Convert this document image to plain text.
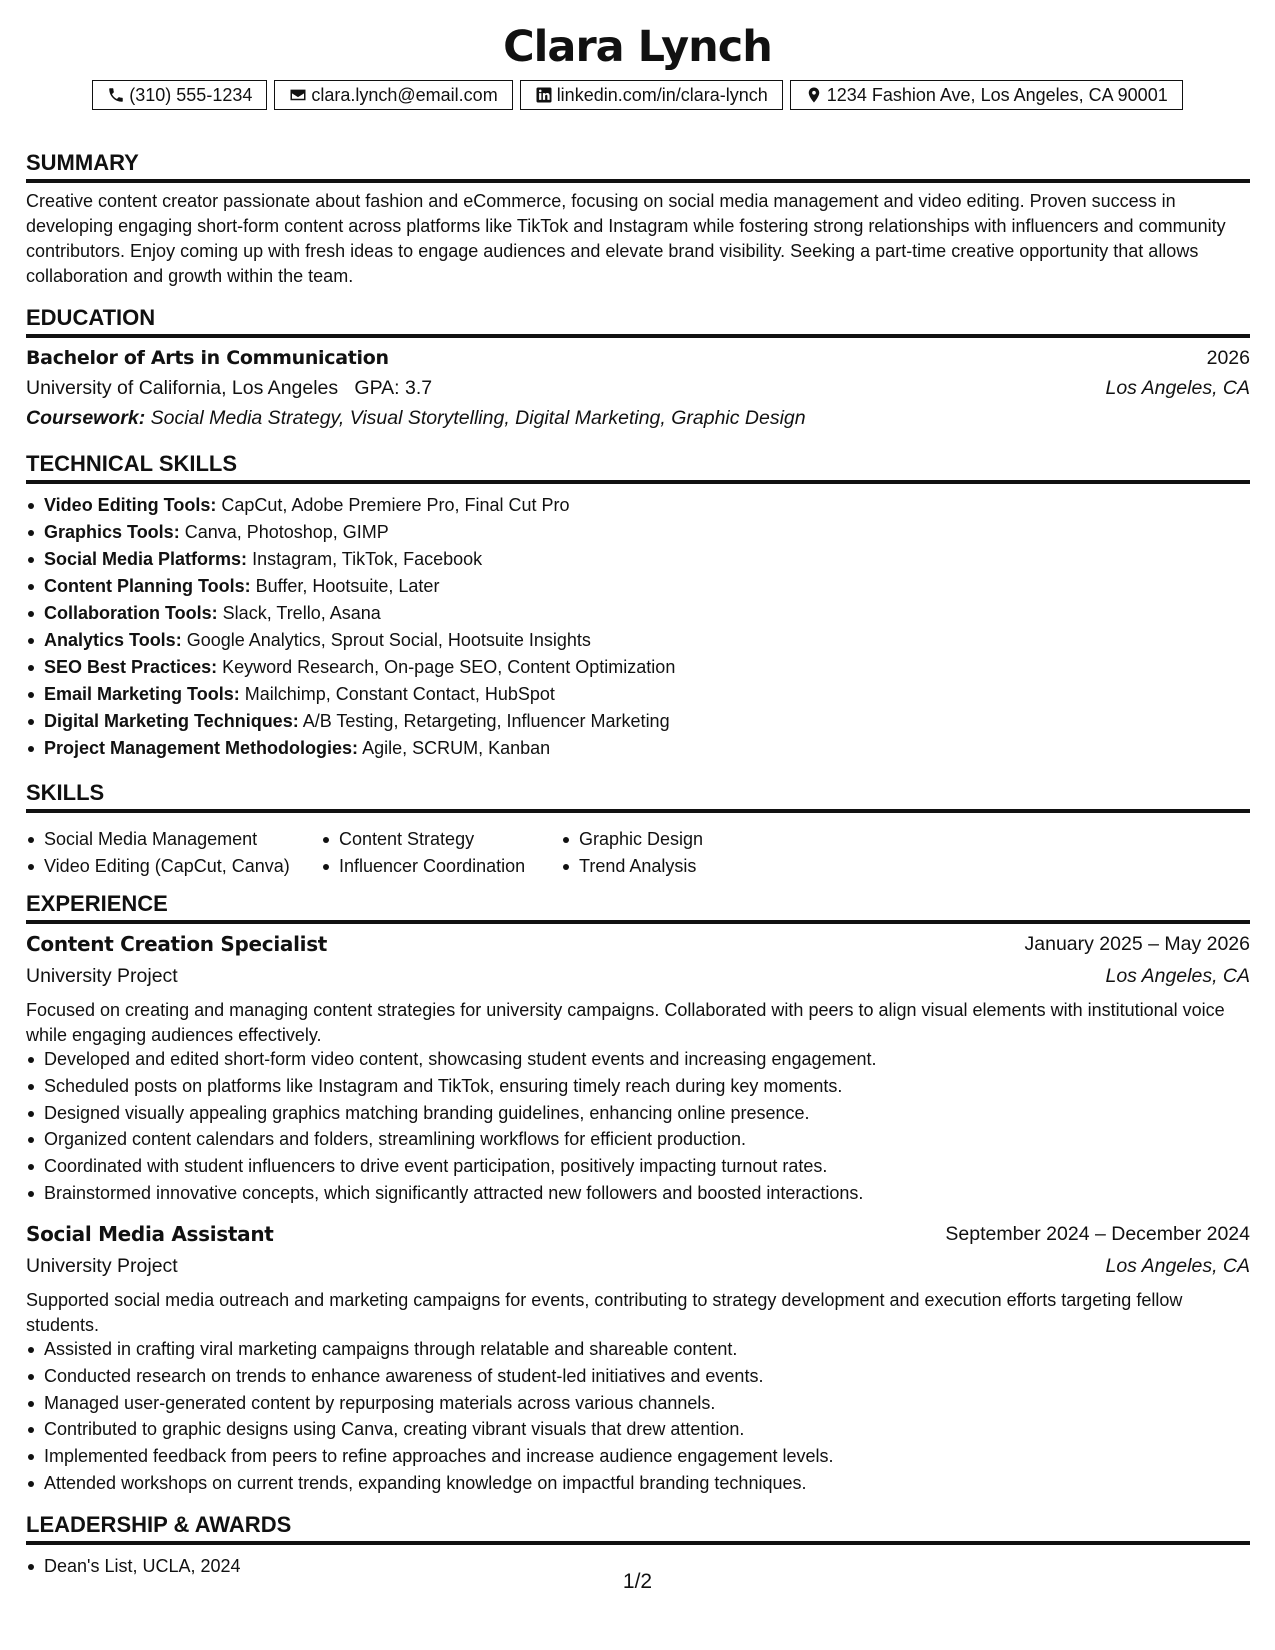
Clara Lynch
(310) 555-1234	clara.lynch@email.com	linkedin.com/in/clara-lynch	1234 Fashion Ave, Los Angeles, CA 90001
SUMMARY
Creative content creator passionate about fashion and eCommerce, focusing on social media management and video editing. Proven success in developing engaging short-form content across platforms like TikTok and Instagram while fostering strong relationships with influencers and community contributors. Enjoy coming up with fresh ideas to engage audiences and elevate brand visibility. Seeking a part-time creative opportunity that allows collaboration and growth within the team.
EDUCATION
Bachelor of Arts in Communication	2026
University of California, Los Angeles GPA: 3.7	Los Angeles, CA
Coursework:
Social Media Strategy, Visual Storytelling, Digital Marketing, Graphic Design
TECHNICAL SKILLS
Video Editing Tools: CapCut, Adobe Premiere Pro, Final Cut Pro
Graphics Tools: Canva, Photoshop, GIMP
Social Media Platforms: Instagram, TikTok, Facebook
Content Planning Tools: Buffer, Hootsuite, Later
Collaboration Tools: Slack, Trello, Asana
Analytics Tools: Google Analytics, Sprout Social, Hootsuite Insights
SEO Best Practices: Keyword Research, On-page SEO, Content Optimization
Email Marketing Tools: Mailchimp, Constant Contact, HubSpot
Digital Marketing Techniques: A/B Testing, Retargeting, Influencer Marketing
Project Management Methodologies: Agile, SCRUM, Kanban
SKILLS
Social Media Management
Video Editing (CapCut, Canva)
Content Strategy
Influencer Coordination
Graphic Design
Trend Analysis
EXPERIENCE
Content Creation Specialist	January 2025 – May 2026
University Project	Los Angeles, CA
Focused on creating and managing content strategies for university campaigns. Collaborated with peers to align visual elements with institutional voice while engaging audiences effectively.
Developed and edited short-form video content, showcasing student events and increasing engagement.
Scheduled posts on platforms like Instagram and TikTok, ensuring timely reach during key moments.
Designed visually appealing graphics matching branding guidelines, enhancing online presence.
Organized content calendars and folders, streamlining workflows for efficient production.
Coordinated with student influencers to drive event participation, positively impacting turnout rates.
Brainstormed innovative concepts, which significantly attracted new followers and boosted interactions.
Social Media Assistant	September 2024 – December 2024
University Project	Los Angeles, CA
Supported social media outreach and marketing campaigns for events, contributing to strategy development and execution efforts targeting fellow students.
Assisted in crafting viral marketing campaigns through relatable and shareable content.
Conducted research on trends to enhance awareness of student-led initiatives and events.
Managed user-generated content by repurposing materials across various channels.
Contributed to graphic designs using Canva, creating vibrant visuals that drew attention.
Implemented feedback from peers to refine approaches and increase audience engagement levels.
Attended workshops on current trends, expanding knowledge on impactful branding techniques.
LEADERSHIP & AWARDS
Dean's List, UCLA, 2024
1/2
